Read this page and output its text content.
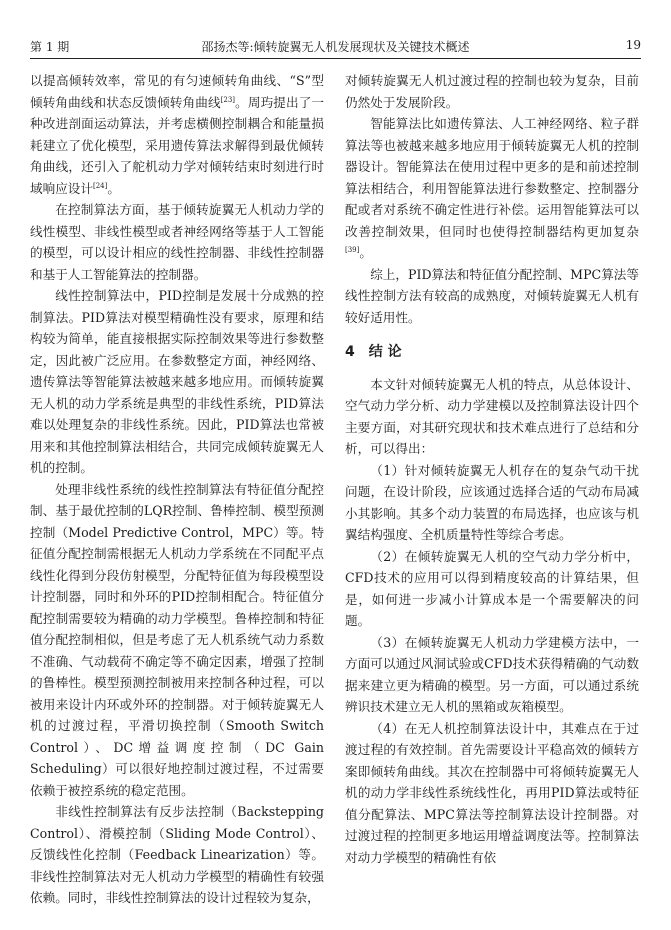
第 1 期	邵扬杰等:倾转旋翼无人机发展现状及关键技术概述	19

以提高倾转效率，常见的有匀速倾转角曲线、“S”型倾转角曲线和状态反馈倾转角曲线[23]。周玙提出了一种改进剖面运动算法，并考虑横侧控制耦合和能量损耗建立了优化模型，采用遗传算法求解得到最优倾转角曲线，还引入了舵机动力学对倾转结束时刻进行时域响应设计[24]。

在控制算法方面，基于倾转旋翼无人机动力学的线性模型、非线性模型或者神经网络等基于人工智能的模型，可以设计相应的线性控制器、非线性控制器和基于人工智能算法的控制器。

线性控制算法中，PID控制是发展十分成熟的控制算法。PID算法对模型精确性没有要求，原理和结构较为简单，能直接根据实际控制效果等进行参数整定，因此被广泛应用。在参数整定方面，神经网络、遗传算法等智能算法被越来越多地应用。而倾转旋翼无人机的动力学系统是典型的非线性系统，PID算法难以处理复杂的非线性系统。因此，PID算法也常被用来和其他控制算法相结合，共同完成倾转旋翼无人机的控制。

处理非线性系统的线性控制算法有特征值分配控制、基于最优控制的LQR控制、鲁棒控制、模型预测控制（Model Predictive Control，MPC）等。特征值分配控制需根据无人机动力学系统在不同配平点线性化得到分段仿射模型，分配特征值为每段模型设计控制器，同时和外环的PID控制相配合。特征值分配控制需要较为精确的动力学模型。鲁棒控制和特征值分配控制相似，但是考虑了无人机系统气动力系数不准确、气动载荷不确定等不确定因素，增强了控制的鲁棒性。模型预测控制被用来控制各种过程，可以被用来设计内环或外环的控制器。对于倾转旋翼无人机的过渡过程，平滑切换控制（Smooth Switch Control）、DC增益调度控制（DC Gain Scheduling）可以很好地控制过渡过程，不过需要依赖于被控系统的稳定范围。

非线性控制算法有反步法控制（Backstepping Control）、滑模控制（Sliding Mode Control）、反馈线性化控制（Feedback Linearization）等。非线性控制算法对无人机动力学模型的精确性有较强依赖。同时，非线性控制算法的设计过程较为复杂，

对倾转旋翼无人机过渡过程的控制也较为复杂，目前仍然处于发展阶段。

智能算法比如遗传算法、人工神经网络、粒子群算法等也被越来越多地应用于倾转旋翼无人机的控制器设计。智能算法在使用过程中更多的是和前述控制算法相结合，利用智能算法进行参数整定、控制器分配或者对系统不确定性进行补偿。运用智能算法可以改善控制效果，但同时也使得控制器结构更加复杂[39]。

综上，PID算法和特征值分配控制、MPC算法等线性控制方法有较高的成熟度，对倾转旋翼无人机有较好适用性。

4 结 论

本文针对倾转旋翼无人机的特点，从总体设计、空气动力学分析、动力学建模以及控制算法设计四个主要方面，对其研究现状和技术难点进行了总结和分析，可以得出：

（1）针对倾转旋翼无人机存在的复杂气动干扰问题，在设计阶段，应该通过选择合适的气动布局减小其影响。其多个动力装置的布局选择，也应该与机翼结构强度、全机质量特性等综合考虑。

（2）在倾转旋翼无人机的空气动力学分析中，CFD技术的应用可以得到精度较高的计算结果，但是，如何进一步减小计算成本是一个需要解决的问题。

（3）在倾转旋翼无人机动力学建模方法中，一方面可以通过风洞试验或CFD技术获得精确的气动数据来建立更为精确的模型。另一方面，可以通过系统辨识技术建立无人机的黑箱或灰箱模型。

（4）在无人机控制算法设计中，其难点在于过渡过程的有效控制。首先需要设计平稳高效的倾转方案即倾转角曲线。其次在控制器中可将倾转旋翼无人机的动力学非线性系统线性化，再用PID算法或特征值分配算法、MPC算法等控制算法设计控制器。对过渡过程的控制更多地运用增益调度法等。控制算法对动力学模型的精确性有依
